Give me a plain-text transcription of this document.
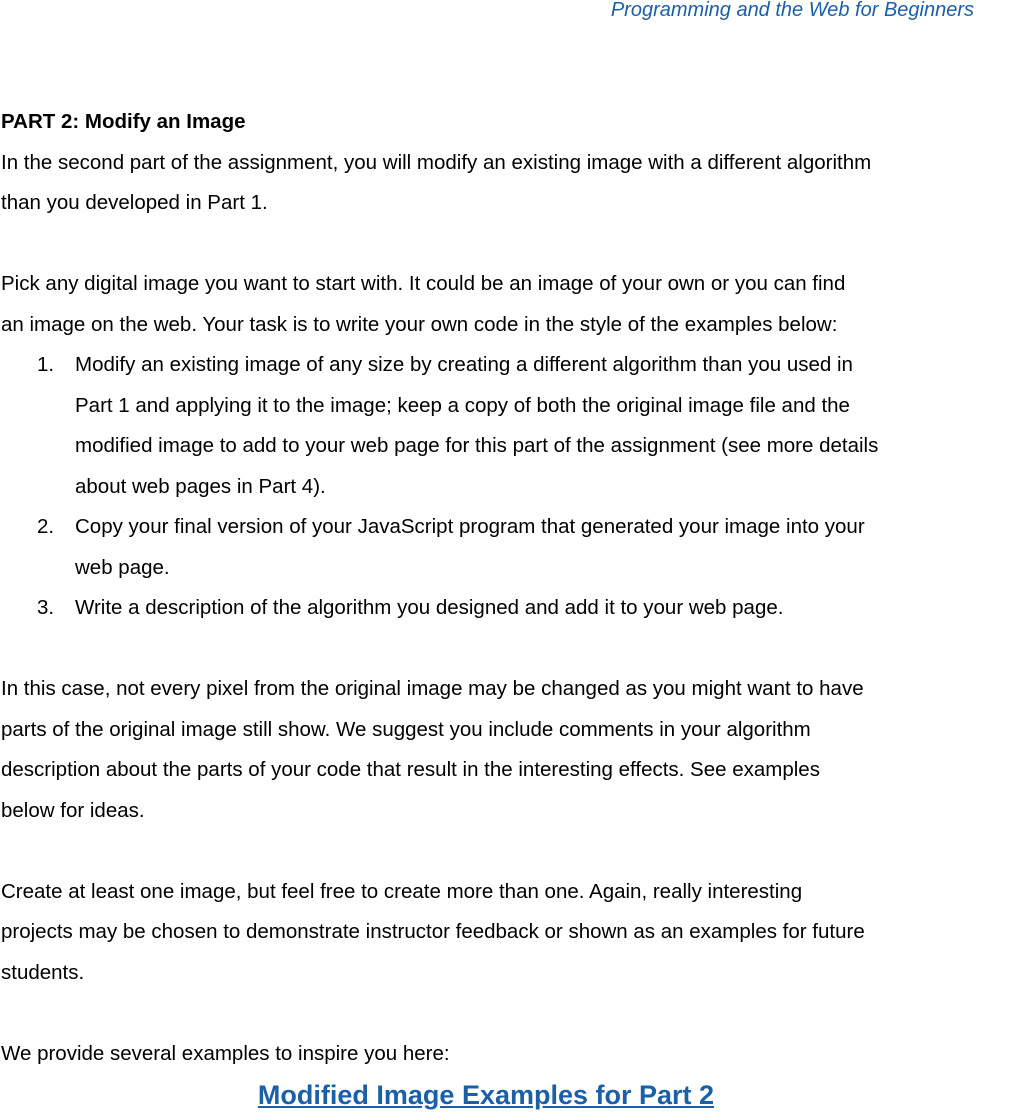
Programming and the Web for Beginners
PART 2: Modify an Image
In the second part of the assignment, you will modify an existing image with a different algorithm
than you developed in Part 1.
Pick any digital image you want to start with. It could be an image of your own or you can find
an image on the web. Your task is to write your own code in the style of the examples below:
1. Modify an existing image of any size by creating a different algorithm than you used in
Part 1 and applying it to the image; keep a copy of both the original image file and the
modified image to add to your web page for this part of the assignment (see more details
about web pages in Part 4).
2. Copy your final version of your JavaScript program that generated your image into your
web page.
3. Write a description of the algorithm you designed and add it to your web page.
In this case, not every pixel from the original image may be changed as you might want to have
parts of the original image still show. We suggest you include comments in your algorithm
description about the parts of your code that result in the interesting effects. See examples
below for ideas.
Create at least one image, but feel free to create more than one. Again, really interesting
projects may be chosen to demonstrate instructor feedback or shown as an examples for future
students.
We provide several examples to inspire you here:
Modified Image Examples for Part 2
